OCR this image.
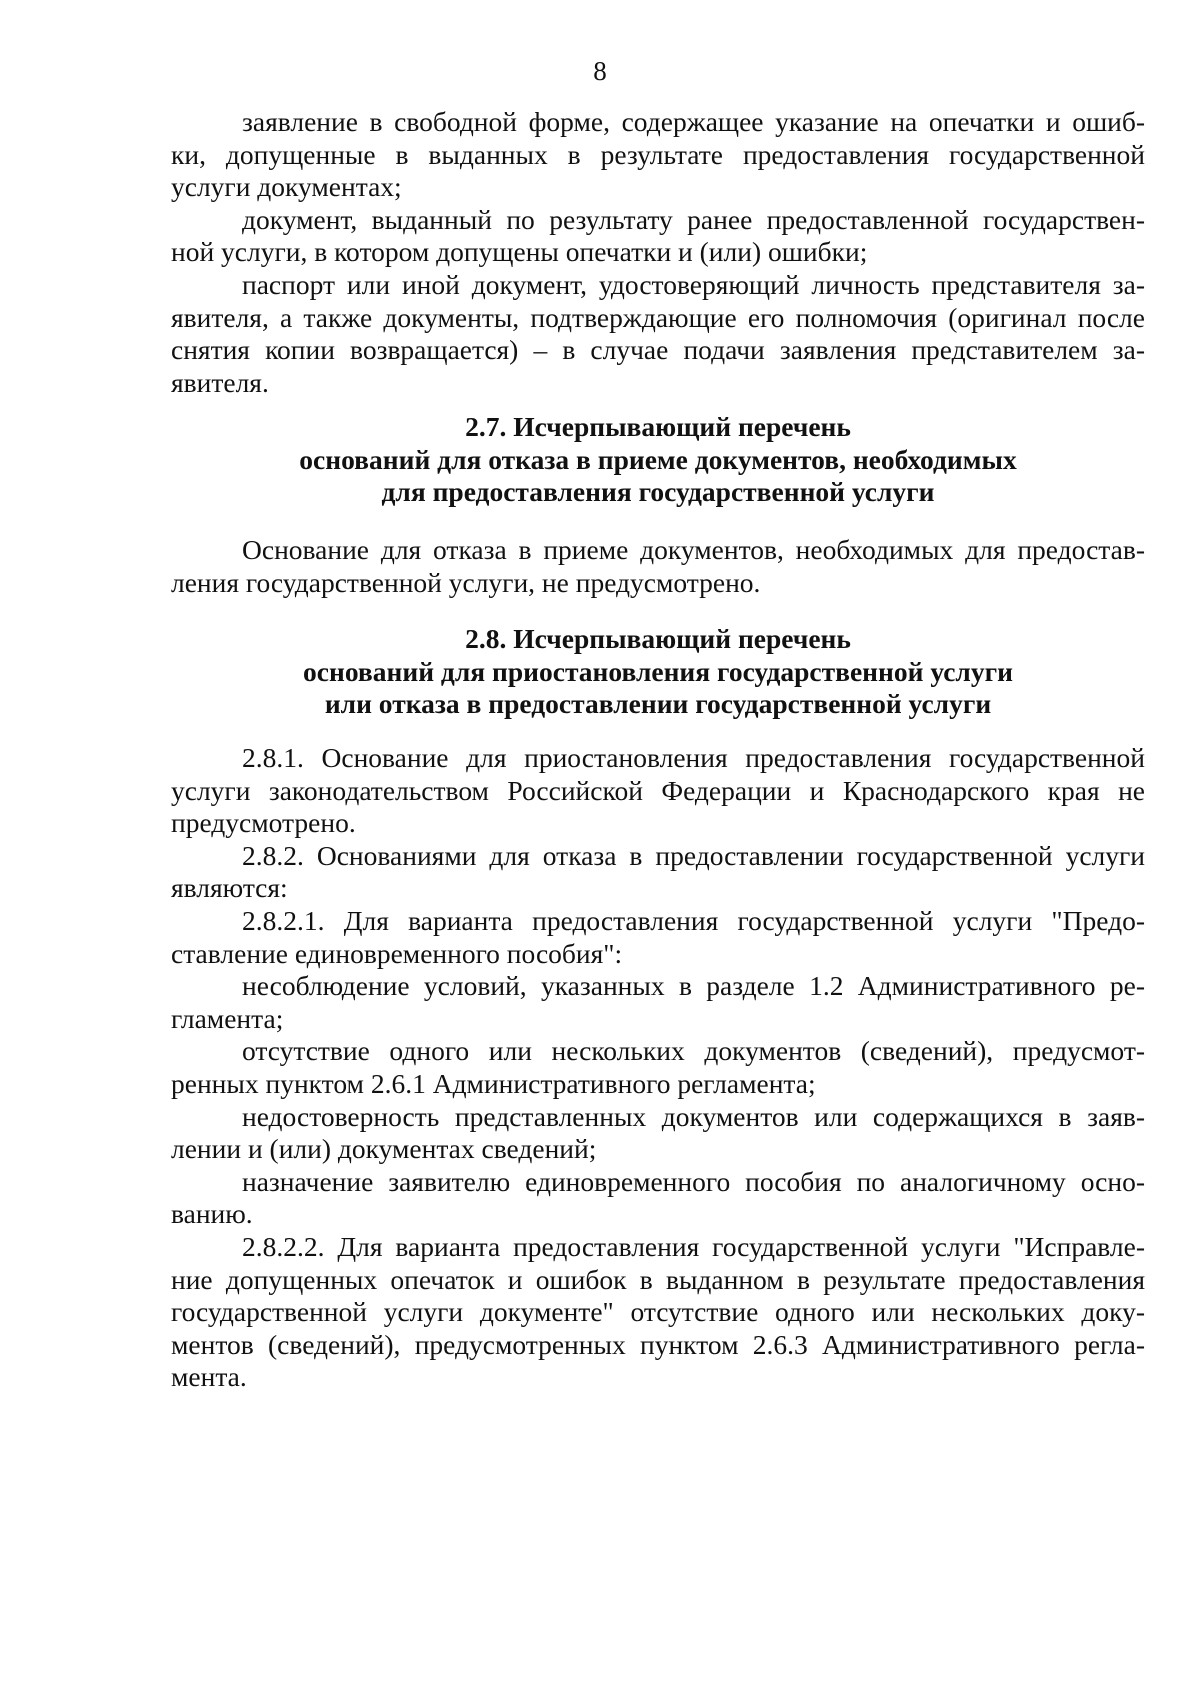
8
заявление в свободной форме, содержащее указание на опечатки и ошиб-
ки, допущенные в выданных в результате предоставления государственной
услуги документах;
документ, выданный по результату ранее предоставленной государствен-
ной услуги, в котором допущены опечатки и (или) ошибки;
паспорт или иной документ, удостоверяющий личность представителя за-
явителя, а также документы, подтверждающие его полномочия (оригинал после
снятия копии возвращается) – в случае подачи заявления представителем за-
явителя.
2.7. Исчерпывающий перечень
оснований для отказа в приеме документов, необходимых
для предоставления государственной услуги
Основание для отказа в приеме документов, необходимых для предостав-
ления государственной услуги, не предусмотрено.
2.8. Исчерпывающий перечень
оснований для приостановления государственной услуги
или отказа в предоставлении государственной услуги
2.8.1. Основание для приостановления предоставления государственной
услуги законодательством Российской Федерации и Краснодарского края не
предусмотрено.
2.8.2. Основаниями для отказа в предоставлении государственной услуги
являются:
2.8.2.1. Для варианта предоставления государственной услуги "Предо-
ставление единовременного пособия":
несоблюдение условий, указанных в разделе 1.2 Административного ре-
гламента;
отсутствие одного или нескольких документов (сведений), предусмот-
ренных пунктом 2.6.1 Административного регламента;
недостоверность представленных документов или содержащихся в заяв-
лении и (или) документах сведений;
назначение заявителю единовременного пособия по аналогичному осно-
ванию.
2.8.2.2. Для варианта предоставления государственной услуги "Исправле-
ние допущенных опечаток и ошибок в выданном в результате предоставления
государственной услуги документе" отсутствие одного или нескольких доку-
ментов (сведений), предусмотренных пунктом 2.6.3 Административного регла-
мента.
